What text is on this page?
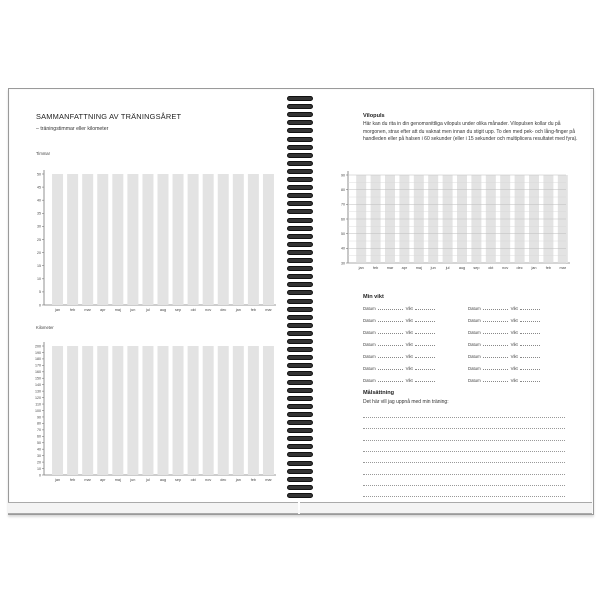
SAMMANFATTNING AV TRÄNINGSÅRET
– träningstimmar eller kilometer
Timmar
jan	feb mar apr maj jun	jul	aug sep okt nov dec jan	feb mar
0
5
10
15
20
25
30
35
40
45
50
Kilometer
jan	feb mar apr maj jun	jul	aug sep okt nov dec jan	feb mar
0
10
20
30
40
50
60
70
80
90
100
110
120
130
140
150
160
170
180
190
200
Vilopuls
Här kan du rita in din genomsnittliga vilopuls under olika månader. Vilopulsen kollar du på morgonen, strax efter att du vaknat men innan du stigit upp. To den med pek- och lång-finger på handleden eller på halsen i 60 sekunder (eller i 15 sekunder och multiplicera resultatet med fyra).
jan feb mar apr maj jun	jul aug sep okt nov dec jan feb mar
30
40
50
60
70
80
90
Min vikt
Datum	Vikt	Datum	Vikt
Datum	Vikt	Datum	Vikt
Datum	Vikt	Datum	Vikt
Datum	Vikt	Datum	Vikt
Datum	Vikt	Datum	Vikt
Datum	Vikt	Datum	Vikt
Datum	Vikt	Datum	Vikt
Målsättning
Det här vill jag uppnå med min träning:
